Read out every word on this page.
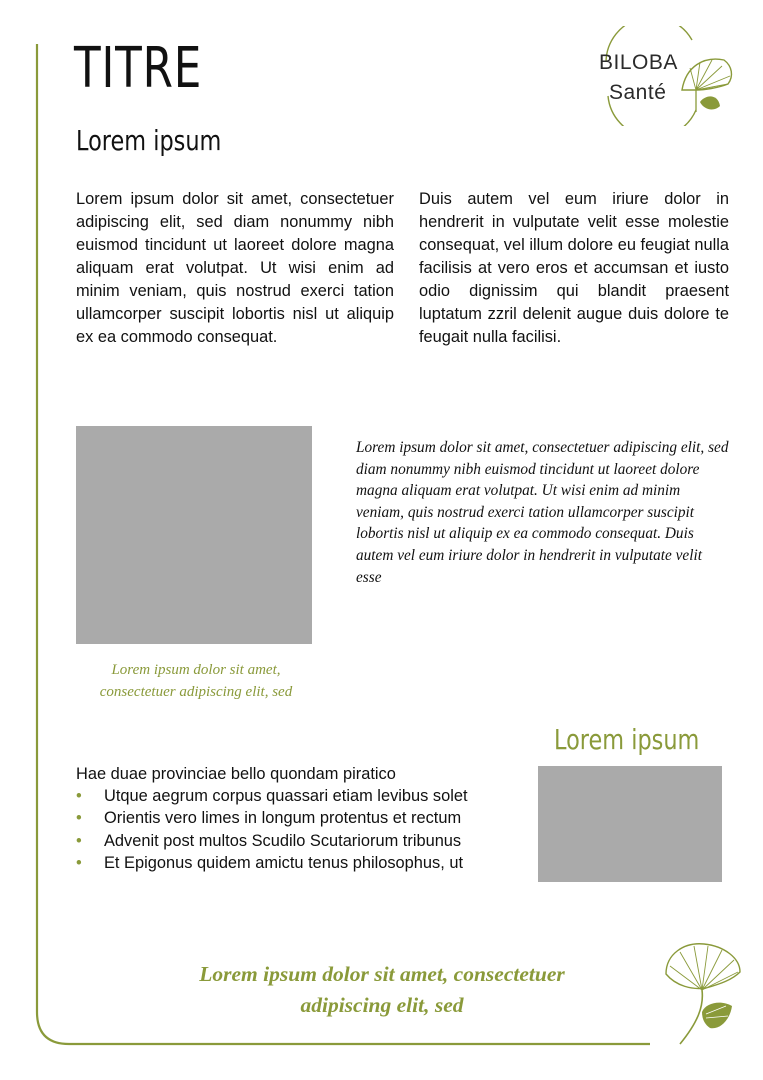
TITRE
Lorem ipsum
BILOBA
Santé

Lorem ipsum dolor sit amet, consectetuer adipiscing elit, sed diam nonummy nibh euismod tincidunt ut laoreet dolore magna aliquam erat volutpat. Ut wisi enim ad minim veniam, quis nostrud exerci tation ullamcorper suscipit lobortis nisl ut aliquip ex ea commodo consequat.

Duis autem vel eum iriure dolor in hendrerit in vulputate velit esse molestie consequat, vel illum dolore eu feugiat nulla facilisis at vero eros et accumsan et iusto odio dignissim qui blandit praesent luptatum zzril delenit augue duis dolore te feugait nulla facilisi.

Lorem ipsum dolor sit amet, consectetuer adipiscing elit, sed diam nonummy nibh euismod tincidunt ut laoreet dolore magna aliquam erat volutpat. Ut wisi enim ad minim veniam, quis nostrud exerci tation ullamcorper suscipit lobortis nisl ut aliquip ex ea commodo consequat. Duis autem vel eum iriure dolor in hendrerit in vulputate velit esse

Lorem ipsum dolor sit amet,
consectetuer adipiscing elit, sed

Lorem ipsum
Hae duae provinciae bello quondam piratico
• Utque aegrum corpus quassari etiam levibus solet
• Orientis vero limes in longum protentus et rectum
• Advenit post multos Scudilo Scutariorum tribunus
• Et Epigonus quidem amictu tenus philosophus, ut

Lorem ipsum dolor sit amet, consectetuer
adipiscing elit, sed
